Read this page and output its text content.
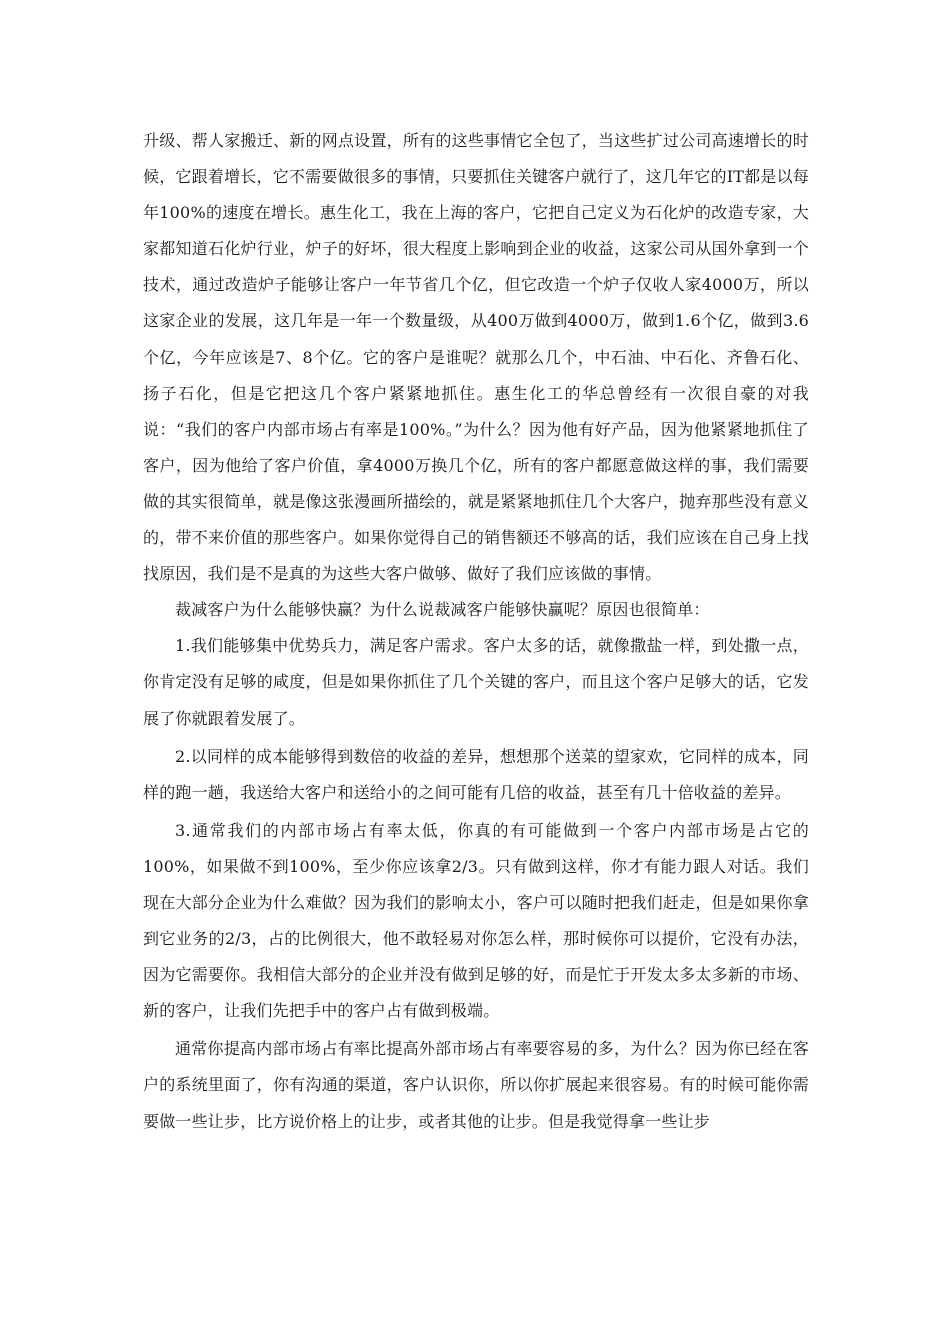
升级、帮人家搬迁、新的网点设置，所有的这些事情它全包了，当这些扩过公司高速增长的时候，它跟着增长，它不需要做很多的事情，只要抓住关键客户就行了，这几年它的IT都是以每年100%的速度在增长。惠生化工，我在上海的客户，它把自己定义为石化炉的改造专家，大家都知道石化炉行业，炉子的好坏，很大程度上影响到企业的收益，这家公司从国外拿到一个技术，通过改造炉子能够让客户一年节省几个亿，但它改造一个炉子仅收人家4000万，所以这家企业的发展，这几年是一年一个数量级，从400万做到4000万，做到1.6个亿，做到3.6个亿，今年应该是7、8个亿。它的客户是谁呢？就那么几个，中石油、中石化、齐鲁石化、扬子石化，但是它把这几个客户紧紧地抓住。惠生化工的华总曾经有一次很自豪的对我说：“我们的客户内部市场占有率是100%。”为什么？因为他有好产品，因为他紧紧地抓住了客户，因为他给了客户价值，拿4000万换几个亿，所有的客户都愿意做这样的事，我们需要做的其实很简单，就是像这张漫画所描绘的，就是紧紧地抓住几个大客户，抛弃那些没有意义的，带不来价值的那些客户。如果你觉得自己的销售额还不够高的话，我们应该在自己身上找找原因，我们是不是真的为这些大客户做够、做好了我们应该做的事情。

裁减客户为什么能够快赢？为什么说裁减客户能够快赢呢？原因也很简单：

1.我们能够集中优势兵力，满足客户需求。客户太多的话，就像撒盐一样，到处撒一点，你肯定没有足够的咸度，但是如果你抓住了几个关键的客户，而且这个客户足够大的话，它发展了你就跟着发展了。

2.以同样的成本能够得到数倍的收益的差异，想想那个送菜的望家欢，它同样的成本，同样的跑一趟，我送给大客户和送给小的之间可能有几倍的收益，甚至有几十倍收益的差异。

3.通常我们的内部市场占有率太低，你真的有可能做到一个客户内部市场是占它的100%，如果做不到100%，至少你应该拿2/3。只有做到这样，你才有能力跟人对话。我们现在大部分企业为什么难做？因为我们的影响太小，客户可以随时把我们赶走，但是如果你拿到它业务的2/3，占的比例很大，他不敢轻易对你怎么样，那时候你可以提价，它没有办法，因为它需要你。我相信大部分的企业并没有做到足够的好，而是忙于开发太多太多新的市场、新的客户，让我们先把手中的客户占有做到极端。

通常你提高内部市场占有率比提高外部市场占有率要容易的多，为什么？因为你已经在客户的系统里面了，你有沟通的渠道，客户认识你，所以你扩展起来很容易。有的时候可能你需要做一些让步，比方说价格上的让步，或者其他的让步。但是我觉得拿一些让步
